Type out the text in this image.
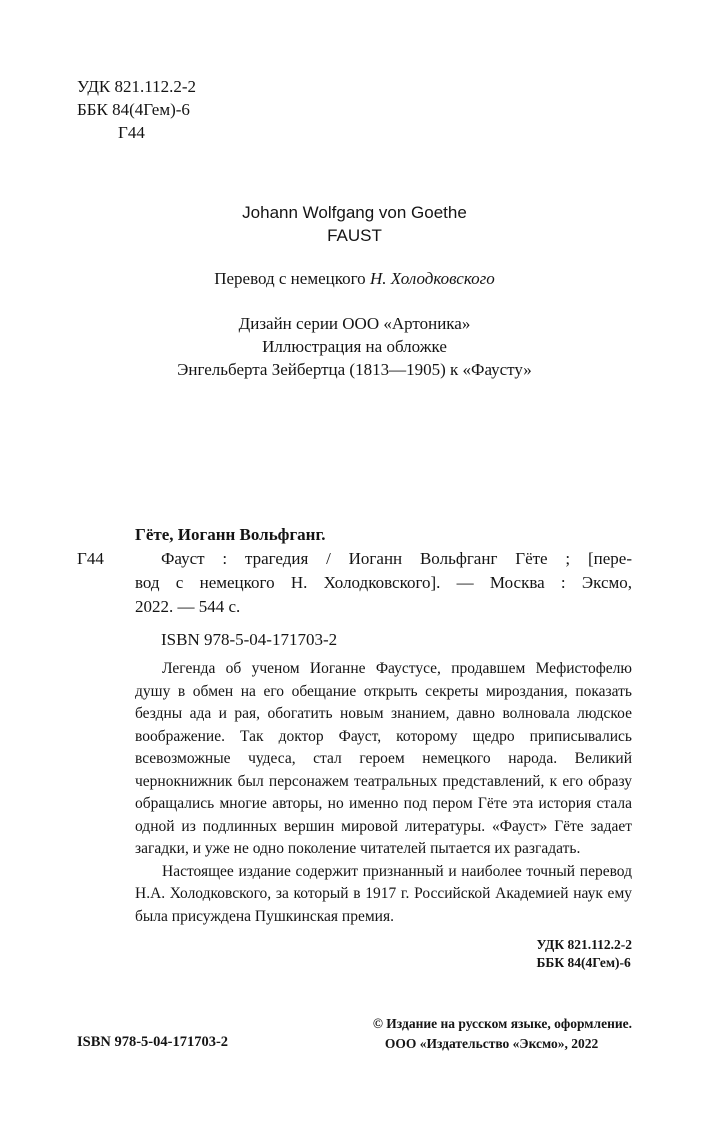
УДК 821.112.2-2
ББК 84(4Гем)-6
Г44
Johann Wolfgang von Goethe
FAUST
Перевод с немецкого Н. Холодковского
Дизайн серии ООО «Артоника»
Иллюстрация на обложке
Энгельберта Зейбертца (1813—1905) к «Фаусту»
Гёте, Иоганн Вольфганг.
Г44	Фауст : трагедия / Иоганн Вольфганг Гёте ; [пере-
вод с немецкого Н. Холодковского]. — Москва : Эксмо,
2022. — 544 с.
ISBN 978-5-04-171703-2

Легенда об ученом Иоганне Фаустусе, продавшем Мефистофелю душу в обмен на его обещание открыть секреты мироздания, показать бездны ада и рая, обогатить новым знанием, давно волновала людское воображение. Так доктор Фауст, которому щедро приписывались всевозможные чудеса, стал героем немецкого народа. Великий чернокнижник был персонажем театральных представлений, к его образу обращались многие авторы, но именно под пером Гёте эта история стала одной из подлинных вершин мировой литературы. «Фауст» Гёте задает загадки, и уже не одно поколение читателей пытается их разгадать.

Настоящее издание содержит признанный и наиболее точный перевод Н.А. Холодковского, за который в 1917 г. Российской Академией наук ему была присуждена Пушкинская премия.

УДК 821.112.2-2
ББК 84(4Гем)-6
ISBN 978-5-04-171703-2
© Издание на русском языке, оформление.
ООО «Издательство «Эксмо», 2022
